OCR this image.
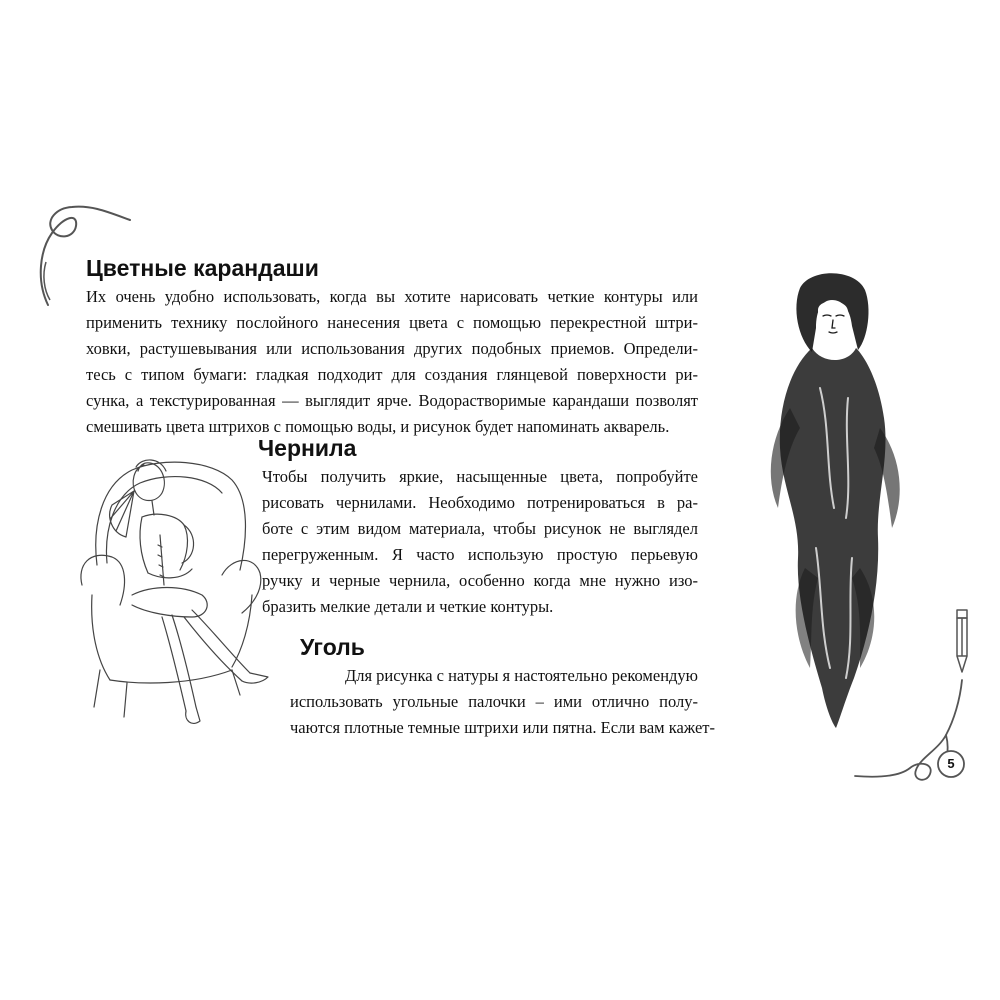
Цветные карандаши
Их очень удобно использовать, когда вы хотите нарисовать четкие контуры или
применить технику послойного нанесения цвета с помощью перекрестной штри-
ховки, растушевывания или использования других подобных приемов. Определи-
тесь с типом бумаги: гладкая подходит для создания глянцевой поверхности ри-
сунка, а текстурированная — выглядит ярче. Водорастворимые карандаши позволят
смешивать цвета штрихов с помощью воды, и рисунок будет напоминать акварель.
Чернила
Чтобы получить яркие, насыщенные цвета, попробуйте
рисовать чернилами. Необходимо потренироваться в ра-
боте с этим видом материала, чтобы рисунок не выглядел
перегруженным. Я часто использую простую перьевую
ручку и черные чернила, особенно когда мне нужно изо-
бразить мелкие детали и четкие контуры.
Уголь
Для рисунка с натуры я настоятельно рекомендую
использовать угольные палочки – ими отлично полу-
чаются плотные темные штрихи или пятна. Если вам кажет-
5
